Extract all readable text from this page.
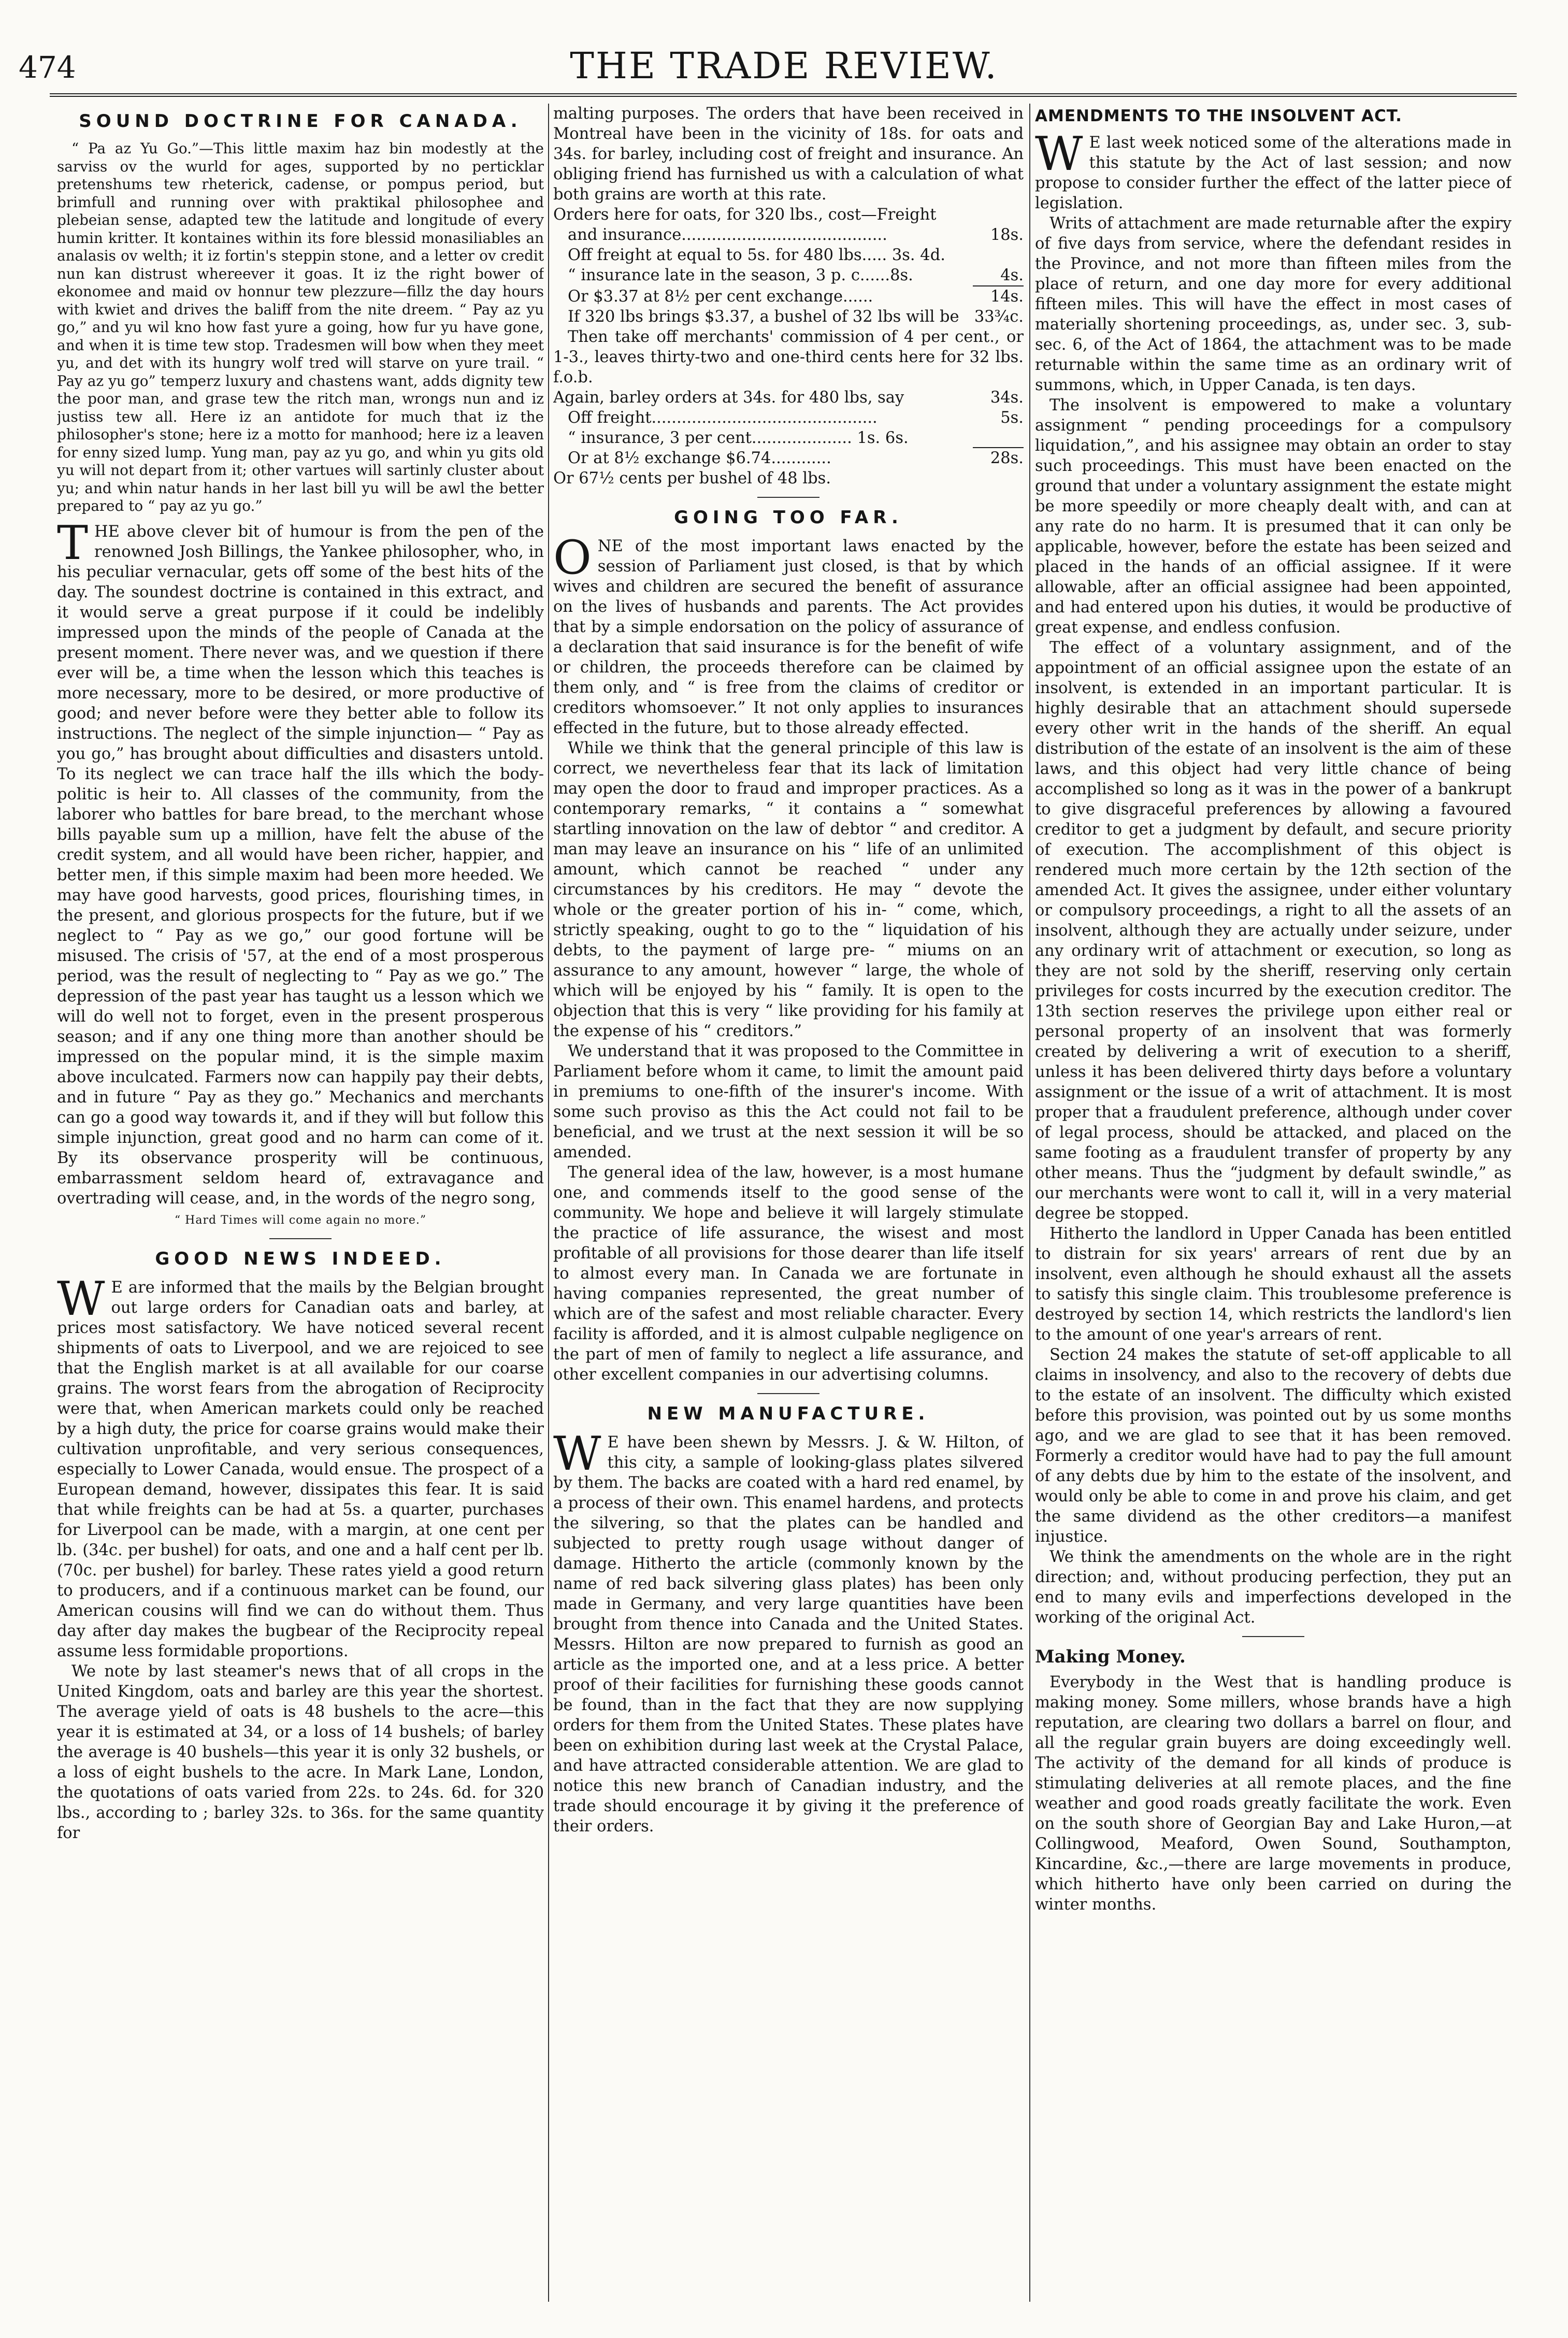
474	THE TRADE REVIEW.
SOUND DOCTRINE FOR CANADA.

“ Pa az Yu Go.”—This little maxim haz bin modestly at the sarviss ov the wurld for ages, supported by no perticklar pretenshums tew rheterick, cadense, or pompus period, but brimfull and running over with praktikal philosophee and plebeian sense, adapted tew the latitude and longitude of every humin kritter. It kontaines within its fore blessid monasiliables an analasis ov welth; it iz fortin's steppin stone, and a letter ov credit nun kan distrust whereever it goas. It iz the right bower of ekonomee and maid ov honnur tew plezzure—fillz the day hours with kwiet and drives the baliff from the nite dreem. “ Pay az yu go,” and yu wil kno how fast yure a going, how fur yu have gone, and when it is time tew stop. Tradesmen will bow when they meet yu, and det with its hungry wolf tred will starve on yure trail. “ Pay az yu go” temperz luxury and chastens want, adds dignity tew the poor man, and grase tew the ritch man, wrongs nun and iz justiss tew all. Here iz an antidote for much that iz the philosopher's stone; here iz a motto for manhood; here iz a leaven for enny sized lump. Yung man, pay az yu go, and whin yu gits old yu will not depart from it; other vartues will sartinly cluster about yu; and whin natur hands in her last bill yu will be awl the better prepared to “ pay az yu go.”

THE above clever bit of humour is from the pen of the renowned Josh Billings, the Yankee philosopher, who, in his peculiar vernacular, gets off some of the best hits of the day. The soundest doctrine is contained in this extract, and it would serve a great purpose if it could be indelibly impressed upon the minds of the people of Canada at the present moment. There never was, and we question if there ever will be, a time when the lesson which this teaches is more necessary, more to be desired, or more productive of good; and never before were they better able to follow its instructions. The neglect of the simple injunction— “ Pay as you go,” has brought about difficulties and disasters untold. To its neglect we can trace half the ills which the body-politic is heir to. All classes of the community, from the laborer who battles for bare bread, to the merchant whose bills payable sum up a million, have felt the abuse of the credit system, and all would have been richer, happier, and better men, if this simple maxim had been more heeded. We may have good harvests, good prices, flourishing times, in the present, and glorious prospects for the future, but if we neglect to “ Pay as we go,” our good fortune will be misused. The crisis of '57, at the end of a most prosperous period, was the result of neglecting to “ Pay as we go.” The depression of the past year has taught us a lesson which we will do well not to forget, even in the present prosperous season; and if any one thing more than another should be impressed on the popular mind, it is the simple maxim above inculcated. Farmers now can happily pay their debts, and in future “ Pay as they go.” Mechanics and merchants can go a good way towards it, and if they will but follow this simple injunction, great good and no harm can come of it. By its observance prosperity will be continuous, embarrassment seldom heard of, extravagance and overtrading will cease, and, in the words of the negro song,

“ Hard Times will come again no more.”
GOOD NEWS INDEED.

W E are informed that the mails by the Belgian brought out large orders for Canadian oats and barley, at prices most satisfactory. We have noticed several recent shipments of oats to Liverpool, and we are rejoiced to see that the English market is at all available for our coarse grains. The worst fears from the abrogation of Reciprocity were that, when American markets could only be reached by a high duty, the price for coarse grains would make their cultivation unprofitable, and very serious consequences, especially to Lower Canada, would ensue. The prospect of a European demand, however, dissipates this fear. It is said that while freights can be had at 5s. a quarter, purchases for Liverpool can be made, with a margin, at one cent per lb. (34c. per bushel) for oats, and one and a half cent per lb. (70c. per bushel) for barley. These rates yield a good return to producers, and if a continuous market can be found, our American cousins will find we can do without them. Thus day after day makes the bugbear of the Reciprocity repeal assume less formidable proportions.

We note by last steamer's news that of all crops in the United Kingdom, oats and barley are this year the shortest. The average yield of oats is 48 bushels to the acre—this year it is estimated at 34, or a loss of 14 bushels; of barley the average is 40 bushels—this year it is only 32 bushels, or a loss of eight bushels to the acre. In Mark Lane, London, the quotations of oats varied from 22s. to 24s. 6d. for 320 lbs., according to ; barley 32s. to 36s. for the same quantity for

malting purposes. The orders that have been received in Montreal have been in the vicinity of 18s. for oats and 34s. for barley, including cost of freight and insurance. An obliging friend has furnished us with a calculation of what both grains are worth at this rate.

Orders here for oats, for 320 lbs., cost—Freight
and insurance.........................................	18s.
Off freight at equal to 5s. for 480 lbs..... 3s. 4d.
“ insurance late in the season, 3 p. c......8s.	4s.
Or $3.37 at 8½ per cent exchange......	14s.
If 320 lbs brings $3.37, a bushel of 32 lbs will be 33¾c.

Then take off merchants' commission of 4 per cent., or 1-3., leaves thirty-two and one-third cents here for 32 lbs. f.o.b.

Again, barley orders at 34s. for 480 lbs, say	34s.
Off freight.............................................	5s.
“ insurance, 3 per cent.................... 1s. 6s.
Or at 8½ exchange $6.74............	28s.

Or 67½ cents per bushel of 48 lbs.

GOING TOO FAR.

ONE of the most important laws enacted by the session of Parliament just closed, is that by which wives and children are secured the benefit of assurance on the lives of husbands and parents. The Act provides that by a simple endorsation on the policy of assurance of a declaration that said insurance is for the benefit of wife or children, the proceeds therefore can be claimed by them only, and “ is free from the claims of creditor or creditors whomsoever.” It not only applies to insurances effected in the future, but to those already effected.

While we think that the general principle of this law is correct, we nevertheless fear that its lack of limitation may open the door to fraud and improper practices. As a contemporary remarks, “ it contains a “ somewhat startling innovation on the law of debtor “ and creditor. A man may leave an insurance on his “ life of an unlimited amount, which cannot be reached “ under any circumstances by his creditors. He may “ devote the whole or the greater portion of his in- “ come, which, strictly speaking, ought to go to the “ liquidation of his debts, to the payment of large pre- “ miums on an assurance to any amount, however “ large, the whole of which will be enjoyed by his “ family. It is open to the objection that this is very “ like providing for his family at the expense of his “ creditors.”

We understand that it was proposed to the Committee in Parliament before whom it came, to limit the amount paid in premiums to one-fifth of the insurer's income. With some such proviso as this the Act could not fail to be beneficial, and we trust at the next session it will be so amended.

The general idea of the law, however, is a most humane one, and commends itself to the good sense of the community. We hope and believe it will largely stimulate the practice of life assurance, the wisest and most profitable of all provisions for those dearer than life itself to almost every man. In Canada we are fortunate in having companies represented, the great number of which are of the safest and most reliable character. Every facility is afforded, and it is almost culpable negligence on the part of men of family to neglect a life assurance, and other excellent companies in our advertising columns.

NEW MANUFACTURE.

W E have been shewn by Messrs. J. & W. Hilton, of this city, a sample of looking-glass plates silvered by them. The backs are coated with a hard red enamel, by a process of their own. This enamel hardens, and protects the silvering, so that the plates can be handled and subjected to pretty rough usage without danger of damage. Hitherto the article (commonly known by the name of red back silvering glass plates) has been only made in Germany, and very large quantities have been brought from thence into Canada and the United States. Messrs. Hilton are now prepared to furnish as good an article as the imported one, and at a less price. A better proof of their facilities for furnishing these goods cannot be found, than in the fact that they are now supplying orders for them from the United States. These plates have been on exhibition during last week at the Crystal Palace, and have attracted considerable attention. We are glad to notice this new branch of Canadian industry, and the trade should encourage it by giving it the preference of their orders.

AMENDMENTS TO THE INSOLVENT ACT.

W E last week noticed some of the alterations made in this statute by the Act of last session; and now propose to consider further the effect of the latter piece of legislation.

Writs of attachment are made returnable after the expiry of five days from service, where the defendant resides in the Province, and not more than fifteen miles from the place of return, and one day more for every additional fifteen miles. This will have the effect in most cases of materially shortening proceedings, as, under sec. 3, sub-sec. 6, of the Act of 1864, the attachment was to be made returnable within the same time as an ordinary writ of summons, which, in Upper Canada, is ten days.

The insolvent is empowered to make a voluntary assignment “ pending proceedings for a compulsory liquidation,”, and his assignee may obtain an order to stay such proceedings. This must have been enacted on the ground that under a voluntary assignment the estate might be more speedily or more cheaply dealt with, and can at any rate do no harm. It is presumed that it can only be applicable, however, before the estate has been seized and placed in the hands of an official assignee. If it were allowable, after an official assignee had been appointed, and had entered upon his duties, it would be productive of great expense, and endless confusion.

The effect of a voluntary assignment, and of the appointment of an official assignee upon the estate of an insolvent, is extended in an important particular. It is highly desirable that an attachment should supersede every other writ in the hands of the sheriff. An equal distribution of the estate of an insolvent is the aim of these laws, and this object had very little chance of being accomplished so long as it was in the power of a bankrupt to give disgraceful preferences by allowing a favoured creditor to get a judgment by default, and secure priority of execution. The accomplishment of this object is rendered much more certain by the 12th section of the amended Act. It gives the assignee, under either voluntary or compulsory proceedings, a right to all the assets of an insolvent, although they are actually under seizure, under any ordinary writ of attachment or execution, so long as they are not sold by the sheriff, reserving only certain privileges for costs incurred by the execution creditor. The 13th section reserves the privilege upon either real or personal property of an insolvent that was formerly created by delivering a writ of execution to a sheriff, unless it has been delivered thirty days before a voluntary assignment or the issue of a writ of attachment. It is most proper that a fraudulent preference, although under cover of legal process, should be attacked, and placed on the same footing as a fraudulent transfer of property by any other means. Thus the “judgment by default swindle,” as our merchants were wont to call it, will in a very material degree be stopped.

Hitherto the landlord in Upper Canada has been entitled to distrain for six years' arrears of rent due by an insolvent, even although he should exhaust all the assets to satisfy this single claim. This troublesome preference is destroyed by section 14, which restricts the landlord's lien to the amount of one year's arrears of rent.

Section 24 makes the statute of set-off applicable to all claims in insolvency, and also to the recovery of debts due to the estate of an insolvent. The difficulty which existed before this provision, was pointed out by us some months ago, and we are glad to see that it has been removed. Formerly a creditor would have had to pay the full amount of any debts due by him to the estate of the insolvent, and would only be able to come in and prove his claim, and get the same dividend as the other creditors—a manifest injustice.

We think the amendments on the whole are in the right direction; and, without producing perfection, they put an end to many evils and imperfections developed in the working of the original Act.

Making Money.

Everybody in the West that is handling produce is making money. Some millers, whose brands have a high reputation, are clearing two dollars a barrel on flour, and all the regular grain buyers are doing exceedingly well. The activity of the demand for all kinds of produce is stimulating deliveries at all remote places, and the fine weather and good roads greatly facilitate the work. Even on the south shore of Georgian Bay and Lake Huron,—at Collingwood, Meaford, Owen Sound, Southampton, Kincardine, &c.,—there are large movements in produce, which hitherto have only been carried on during the winter months.
